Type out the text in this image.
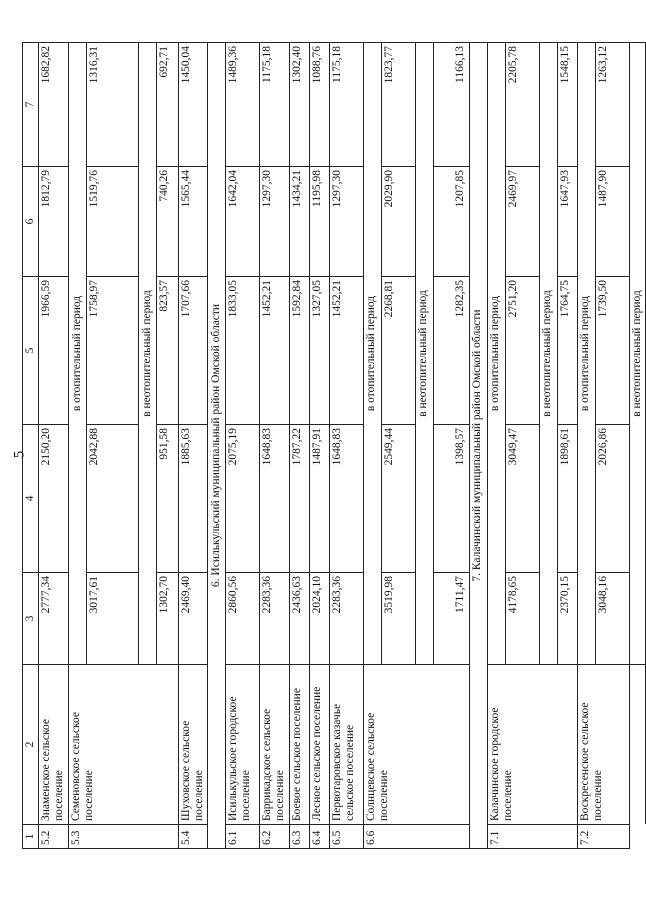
5
1	2	3	4	5	6	7
5.2	Знаменское сельское поселение	2777,34	2150,20	1966,59	1812,79	1682,82
5.3	Семеновское сельское поселение	в отопительный период				
		3017,61	2042,88	1758,97	1519,76	1316,31
		в неотопительный период				
		1302,70	951,58	823,57	740,26	692,71
5.4	Шуховское сельское поселение	2469,40	1885,63	1707,66	1565,44	1450,04
6. Исилькульский муниципальный район Омской области						
6.1	Исилькульское городское поселение	2860,56	2075,19	1833,05	1642,04	1489,36
6.2	Баррикадское сельское поселение	2283,36	1648,83	1452,21	1297,30	1175,18
6.3	Боевое сельское поселение	2436,63	1787,22	1592,84	1434,21	1302,40
6.4	Лесное сельское поселение	2024,10	1487,91	1327,05	1195,98	1088,76
6.5	Первотаровское казачье сельское поселение	2283,36	1648,83	1452,21	1297,30	1175,18
6.6	Солнцевское сельское поселение	в отопительный период				
		3519,98	2549,44	2268,81	2029,90	1823,77
		в неотопительный период				
		1711,47	1398,57	1282,35	1207,85	1166,13
7. Калачинский муниципальный район Омской области						
7.1	Калачинское городское поселение	в отопительный период				
		4178,65	3049,47	2751,20	2469,97	2205,78
		в неотопительный период				
		2370,15	1898,61	1764,75	1647,93	1548,15
7.2	Воскресенское сельское поселение	в отопительный период				
		3048,16	2026,86	1739,50	1487,90	1263,12
		в неотопительный период				
